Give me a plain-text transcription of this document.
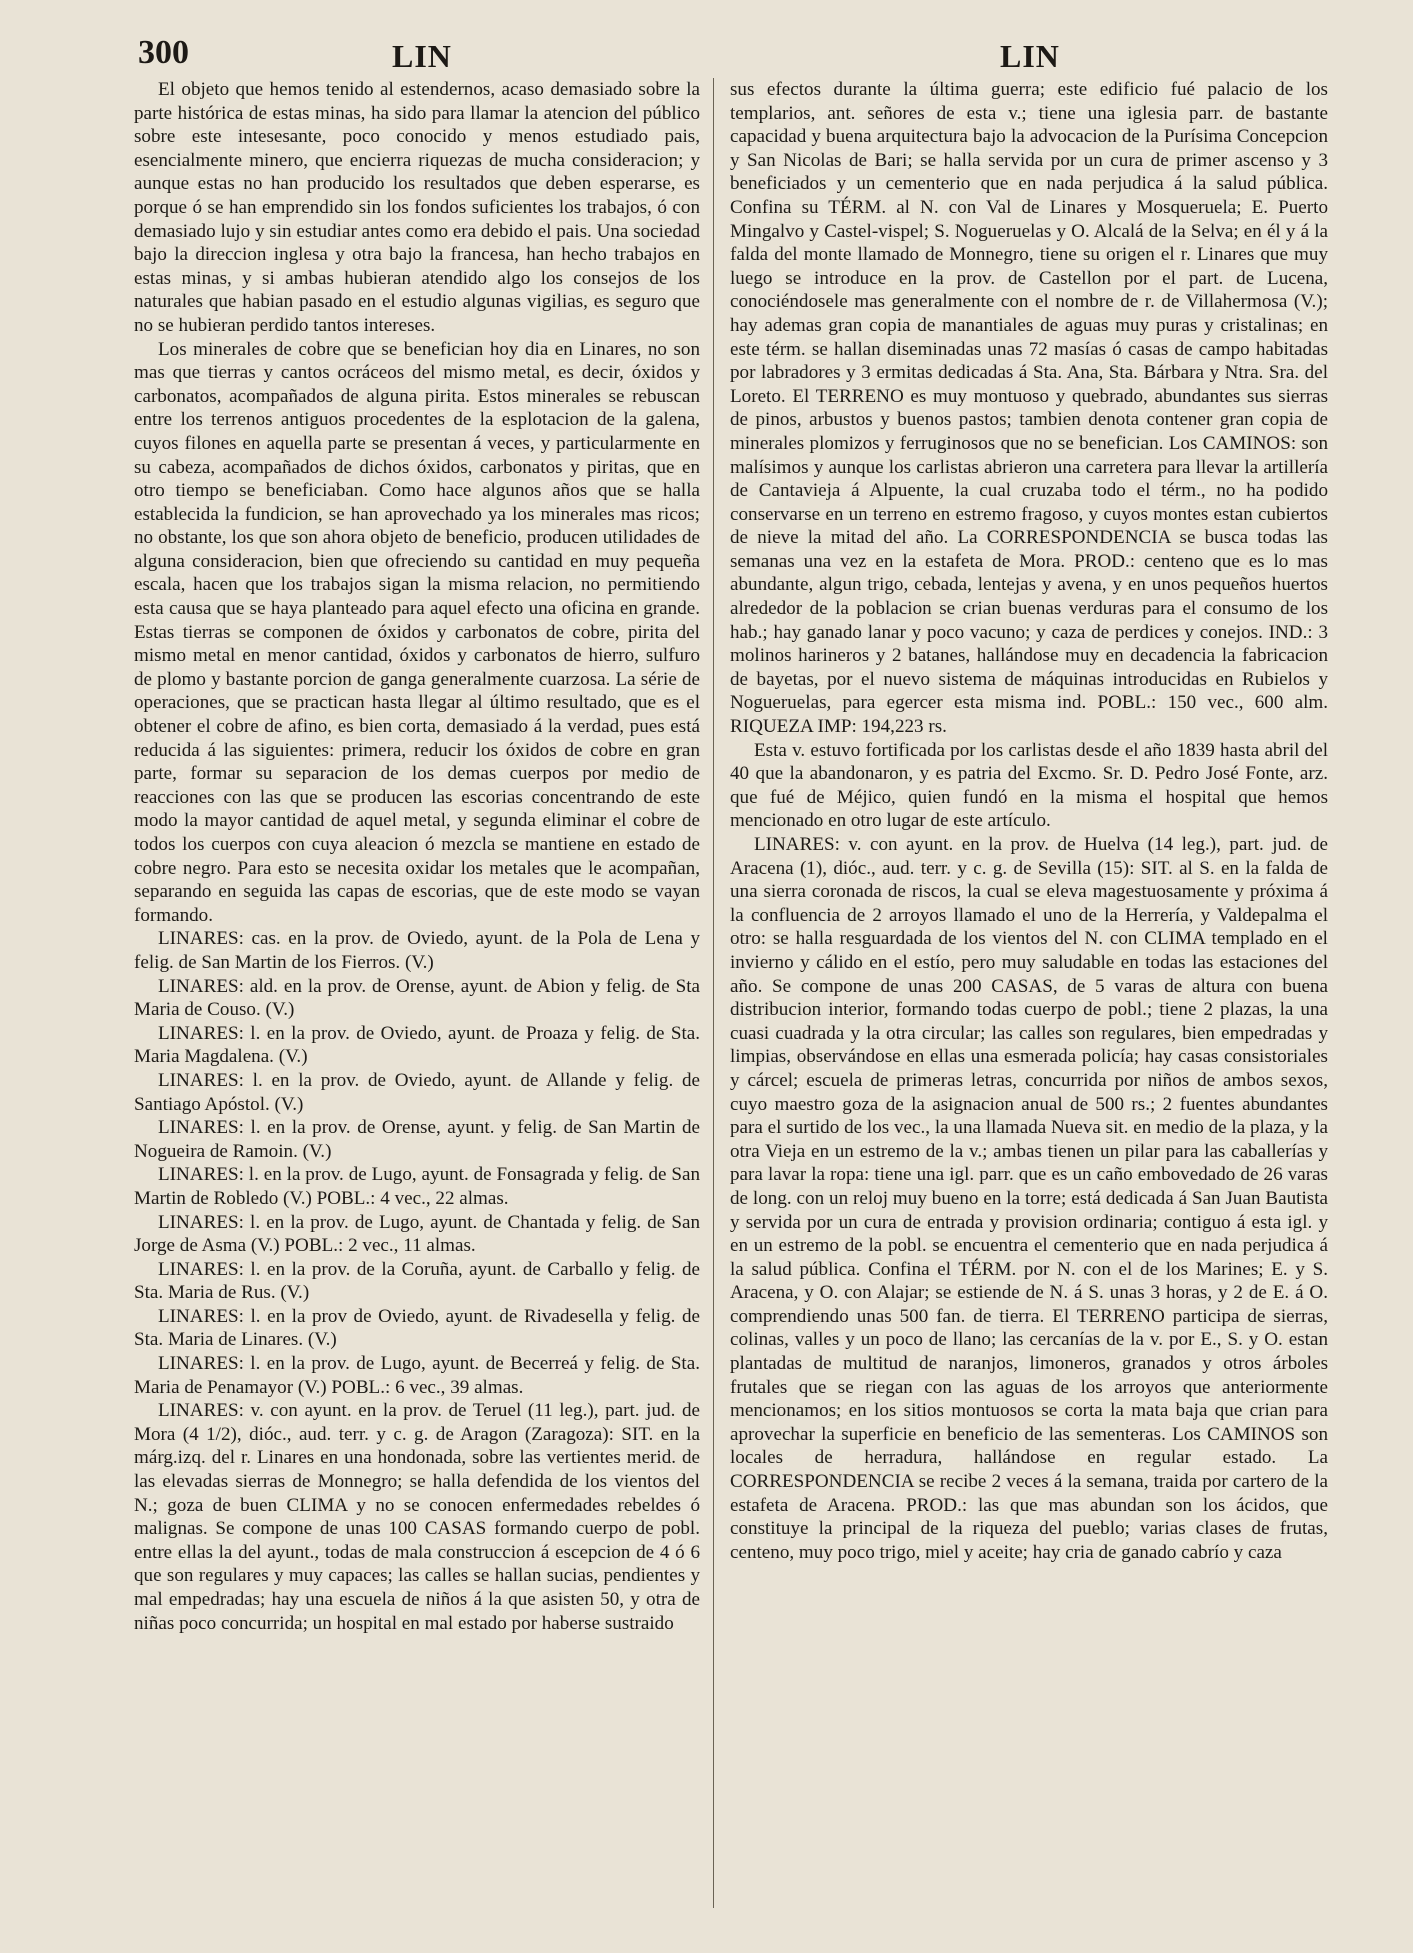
300	LIN	LIN

El objeto que hemos tenido al estendernos, acaso demasiado sobre la parte histórica de estas minas, ha sido para llamar la atencion del público sobre este intesesante, poco conocido y menos estudiado pais, esencialmente minero, que encierra riquezas de mucha consideracion; y aunque estas no han producido los resultados que deben esperarse, es porque ó se han emprendido sin los fondos suficientes los trabajos, ó con demasiado lujo y sin estudiar antes como era debido el pais. Una sociedad bajo la direccion inglesa y otra bajo la francesa, han hecho trabajos en estas minas, y si ambas hubieran atendido algo los consejos de los naturales que habian pasado en el estudio algunas vigilias, es seguro que no se hubieran perdido tantos intereses.

Los minerales de cobre que se benefician hoy dia en Linares, no son mas que tierras y cantos ocráceos del mismo metal, es decir, óxidos y carbonatos, acompañados de alguna pirita. Estos minerales se rebuscan entre los terrenos antiguos procedentes de la esplotacion de la galena, cuyos filones en aquella parte se presentan á veces, y particularmente en su cabeza, acompañados de dichos óxidos, carbonatos y piritas, que en otro tiempo se beneficiaban. Como hace algunos años que se halla establecida la fundicion, se han aprovechado ya los minerales mas ricos; no obstante, los que son ahora objeto de beneficio, producen utilidades de alguna consideracion, bien que ofreciendo su cantidad en muy pequeña escala, hacen que los trabajos sigan la misma relacion, no permitiendo esta causa que se haya planteado para aquel efecto una oficina en grande. Estas tierras se componen de óxidos y carbonatos de cobre, pirita del mismo metal en menor cantidad, óxidos y carbonatos de hierro, sulfuro de plomo y bastante porcion de ganga generalmente cuarzosa. La série de operaciones, que se practican hasta llegar al último resultado, que es el obtener el cobre de afino, es bien corta, demasiado á la verdad, pues está reducida á las siguientes: primera, reducir los óxidos de cobre en gran parte, formar su separacion de los demas cuerpos por medio de reacciones con las que se producen las escorias concentrando de este modo la mayor cantidad de aquel metal, y segunda eliminar el cobre de todos los cuerpos con cuya aleacion ó mezcla se mantiene en estado de cobre negro. Para esto se necesita oxidar los metales que le acompañan, separando en seguida las capas de escorias, que de este modo se vayan formando.

LINARES: cas. en la prov. de Oviedo, ayunt. de la Pola de Lena y felig. de San Martin de los Fierros. (V.)

LINARES: ald. en la prov. de Orense, ayunt. de Abion y felig. de Sta Maria de Couso. (V.)

LINARES: l. en la prov. de Oviedo, ayunt. de Proaza y felig. de Sta. Maria Magdalena. (V.)

LINARES: l. en la prov. de Oviedo, ayunt. de Allande y felig. de Santiago Apóstol. (V.)

LINARES: l. en la prov. de Orense, ayunt. y felig. de San Martin de Nogueira de Ramoin. (V.)

LINARES: l. en la prov. de Lugo, ayunt. de Fonsagrada y felig. de San Martin de Robledo (V.) POBL.: 4 vec., 22 almas.

LINARES: l. en la prov. de Lugo, ayunt. de Chantada y felig. de San Jorge de Asma (V.) POBL.: 2 vec., 11 almas.

LINARES: l. en la prov. de la Coruña, ayunt. de Carballo y felig. de Sta. Maria de Rus. (V.)

LINARES: l. en la prov de Oviedo, ayunt. de Rivadesella y felig. de Sta. Maria de Linares. (V.)

LINARES: l. en la prov. de Lugo, ayunt. de Becerreá y felig. de Sta. Maria de Penamayor (V.) POBL.: 6 vec., 39 almas.

LINARES: v. con ayunt. en la prov. de Teruel (11 leg.), part. jud. de Mora (4 1/2), dióc., aud. terr. y c. g. de Aragon (Zaragoza): SIT. en la márg.izq. del r. Linares en una hondonada, sobre las vertientes merid. de las elevadas sierras de Monnegro; se halla defendida de los vientos del N.; goza de buen CLIMA y no se conocen enfermedades rebeldes ó malignas. Se compone de unas 100 CASAS formando cuerpo de pobl. entre ellas la del ayunt., todas de mala construccion á escepcion de 4 ó 6 que son regulares y muy capaces; las calles se hallan sucias, pendientes y mal empedradas; hay una escuela de niños á la que asisten 50, y otra de niñas poco concurrida; un hospital en mal estado por haberse sustraido

sus efectos durante la última guerra; este edificio fué palacio de los templarios, ant. señores de esta v.; tiene una iglesia parr. de bastante capacidad y buena arquitectura bajo la advocacion de la Purísima Concepcion y San Nicolas de Bari; se halla servida por un cura de primer ascenso y 3 beneficiados y un cementerio que en nada perjudica á la salud pública. Confina su TÉRM. al N. con Val de Linares y Mosqueruela; E. Puerto Mingalvo y Castel-vispel; S. Nogueruelas y O. Alcalá de la Selva; en él y á la falda del monte llamado de Monnegro, tiene su origen el r. Linares que muy luego se introduce en la prov. de Castellon por el part. de Lucena, conociéndosele mas generalmente con el nombre de r. de Villahermosa (V.); hay ademas gran copia de manantiales de aguas muy puras y cristalinas; en este térm. se hallan diseminadas unas 72 masías ó casas de campo habitadas por labradores y 3 ermitas dedicadas á Sta. Ana, Sta. Bárbara y Ntra. Sra. del Loreto. El TERRENO es muy montuoso y quebrado, abundantes sus sierras de pinos, arbustos y buenos pastos; tambien denota contener gran copia de minerales plomizos y ferruginosos que no se benefician. Los CAMINOS: son malísimos y aunque los carlistas abrieron una carretera para llevar la artillería de Cantavieja á Alpuente, la cual cruzaba todo el térm., no ha podido conservarse en un terreno en estremo fragoso, y cuyos montes estan cubiertos de nieve la mitad del año. La CORRESPONDENCIA se busca todas las semanas una vez en la estafeta de Mora. PROD.: centeno que es lo mas abundante, algun trigo, cebada, lentejas y avena, y en unos pequeños huertos alrededor de la poblacion se crian buenas verduras para el consumo de los hab.; hay ganado lanar y poco vacuno; y caza de perdices y conejos. IND.: 3 molinos harineros y 2 batanes, hallándose muy en decadencia la fabricacion de bayetas, por el nuevo sistema de máquinas introducidas en Rubielos y Nogueruelas, para egercer esta misma ind. POBL.: 150 vec., 600 alm. RIQUEZA IMP: 194,223 rs.

Esta v. estuvo fortificada por los carlistas desde el año 1839 hasta abril del 40 que la abandonaron, y es patria del Excmo. Sr. D. Pedro José Fonte, arz. que fué de Méjico, quien fundó en la misma el hospital que hemos mencionado en otro lugar de este artículo.

LINARES: v. con ayunt. en la prov. de Huelva (14 leg.), part. jud. de Aracena (1), dióc., aud. terr. y c. g. de Sevilla (15): SIT. al S. en la falda de una sierra coronada de riscos, la cual se eleva magestuosamente y próxima á la confluencia de 2 arroyos llamado el uno de la Herrería, y Valdepalma el otro: se halla resguardada de los vientos del N. con CLIMA templado en el invierno y cálido en el estío, pero muy saludable en todas las estaciones del año. Se compone de unas 200 CASAS, de 5 varas de altura con buena distribucion interior, formando todas cuerpo de pobl.; tiene 2 plazas, la una cuasi cuadrada y la otra circular; las calles son regulares, bien empedradas y limpias, observándose en ellas una esmerada policía; hay casas consistoriales y cárcel; escuela de primeras letras, concurrida por niños de ambos sexos, cuyo maestro goza de la asignacion anual de 500 rs.; 2 fuentes abundantes para el surtido de los vec., la una llamada Nueva sit. en medio de la plaza, y la otra Vieja en un estremo de la v.; ambas tienen un pilar para las caballerías y para lavar la ropa: tiene una igl. parr. que es un caño embovedado de 26 varas de long. con un reloj muy bueno en la torre; está dedicada á San Juan Bautista y servida por un cura de entrada y provision ordinaria; contiguo á esta igl. y en un estremo de la pobl. se encuentra el cementerio que en nada perjudica á la salud pública. Confina el TÉRM. por N. con el de los Marines; E. y S. Aracena, y O. con Alajar; se estiende de N. á S. unas 3 horas, y 2 de E. á O. comprendiendo unas 500 fan. de tierra. El TERRENO participa de sierras, colinas, valles y un poco de llano; las cercanías de la v. por E., S. y O. estan plantadas de multitud de naranjos, limoneros, granados y otros árboles frutales que se riegan con las aguas de los arroyos que anteriormente mencionamos; en los sitios montuosos se corta la mata baja que crian para aprovechar la superficie en beneficio de las sementeras. Los CAMINOS son locales de herradura, hallándose en regular estado. La CORRESPONDENCIA se recibe 2 veces á la semana, traida por cartero de la estafeta de Aracena. PROD.: las que mas abundan son los ácidos, que constituye la principal de la riqueza del pueblo; varias clases de frutas, centeno, muy poco trigo, miel y aceite; hay cria de ganado cabrío y caza
